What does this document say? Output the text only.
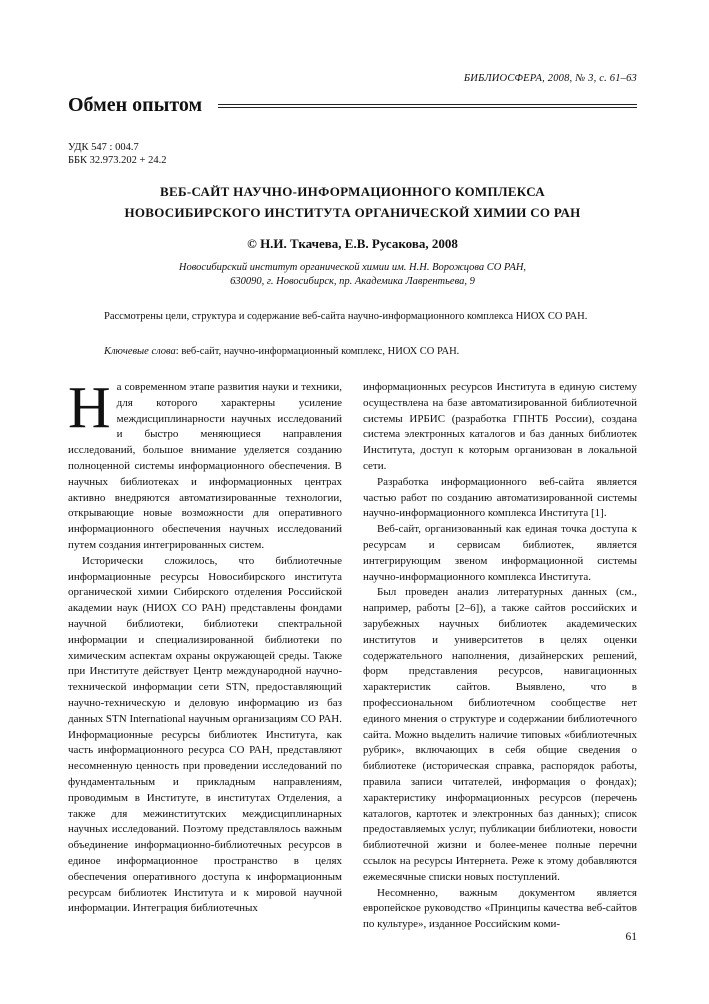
БИБЛИОСФЕРА, 2008, № 3, с. 61–63
Обмен опытом
УДК 547 : 004.7
ББК 32.973.202 + 24.2
ВЕБ-САЙТ НАУЧНО-ИНФОРМАЦИОННОГО КОМПЛЕКСА
НОВОСИБИРСКОГО ИНСТИТУТА ОРГАНИЧЕСКОЙ ХИМИИ СО РАН
© Н.И. Ткачева, Е.В. Русакова, 2008
Новосибирский институт органической химии им. Н.Н. Ворожцова СО РАН,
630090, г. Новосибирск, пр. Академика Лаврентьева, 9
Рассмотрены цели, структура и содержание веб-сайта научно-информационного комплекса НИОХ СО РАН.
Ключевые слова: веб-сайт, научно-информационный комплекс, НИОХ СО РАН.

На современном этапе развития науки и техники, для которого характерны усиление междисциплинарности научных исследований и быстро меняющиеся направления исследований, большое внимание уделяется созданию полноценной системы информационного обеспечения. В научных библиотеках и информационных центрах активно внедряются автоматизированные технологии, открывающие новые возможности для оперативного информационного обеспечения научных исследований путем создания интегрированных систем.

Исторически сложилось, что библиотечные информационные ресурсы Новосибирского института органической химии Сибирского отделения Российской академии наук (НИОХ СО РАН) представлены фондами научной библиотеки, библиотеки спектральной информации и специализированной библиотеки по химическим аспектам охраны окружающей среды. Также при Институте действует Центр международной научно-технической информации сети STN, предоставляющий научно-техническую и деловую информацию из баз данных STN International научным организациям СО РАН. Информационные ресурсы библиотек Института, как часть информационного ресурса СО РАН, представляют несомненную ценность при проведении исследований по фундаментальным и прикладным направлениям, проводимым в Институте, в институтах Отделения, а также для межинститутских междисциплинарных научных исследований. Поэтому представлялось важным объединение информационно-библиотечных ресурсов в единое информационное пространство в целях обеспечения оперативного доступа к информационным ресурсам библиотек Института и к мировой научной информации. Интеграция библиотечных

информационных ресурсов Института в единую систему осуществлена на базе автоматизированной библиотечной системы ИРБИС (разработка ГПНТБ России), создана система электронных каталогов и баз данных библиотек Института, доступ к которым организован в локальной сети.

Разработка информационного веб-сайта является частью работ по созданию автоматизированной системы научно-информационного комплекса Института [1].

Веб-сайт, организованный как единая точка доступа к ресурсам и сервисам библиотек, является интегрирующим звеном информационной системы научно-информационного комплекса Института.

Был проведен анализ литературных данных (см., например, работы [2–6]), а также сайтов российских и зарубежных научных библиотек академических институтов и университетов в целях оценки содержательного наполнения, дизайнерских решений, форм представления ресурсов, навигационных характеристик сайтов. Выявлено, что в профессиональном библиотечном сообществе нет единого мнения о структуре и содержании библиотечного сайта. Можно выделить наличие типовых «библиотечных рубрик», включающих в себя общие сведения о библиотеке (историческая справка, распорядок работы, правила записи читателей, информация о фондах); характеристику информационных ресурсов (перечень каталогов, картотек и электронных баз данных); список предоставляемых услуг, публикации библиотеки, новости библиотечной жизни и более-менее полные перечни ссылок на ресурсы Интернета. Реже к этому добавляются ежемесячные списки новых поступлений.

Несомненно, важным документом является европейское руководство «Принципы качества веб-сайтов по культуре», изданное Российским коми-

61
